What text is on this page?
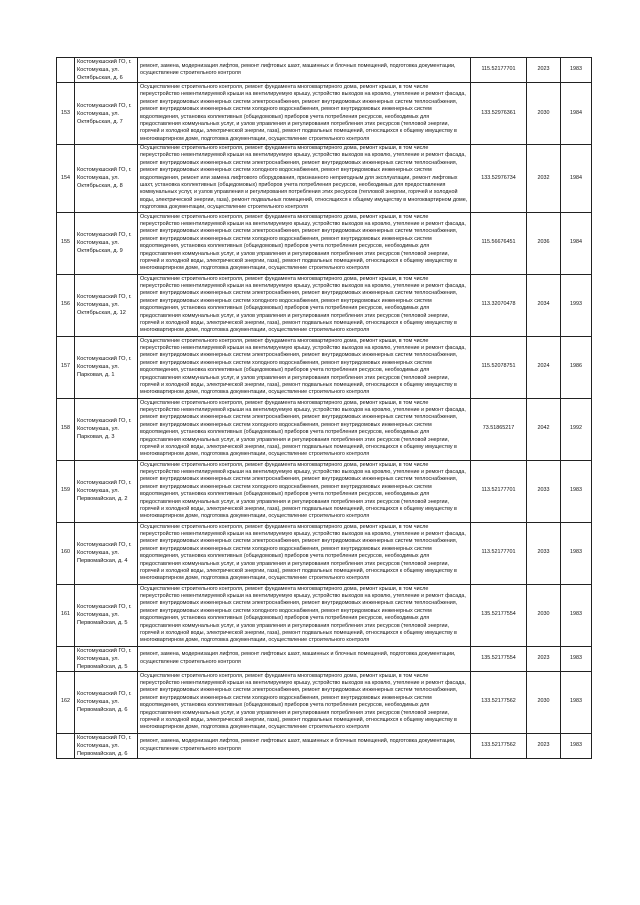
	Костомукшский ГО, г. Костомукша, ул. Октябрьская, д. 6	ремонт, замена, модернизация лифтов, ремонт лифтовых шахт, машинных и блочных помещений, подготовка документации, осуществление строительного контроля	115.52177701	2023	1983
153	Костомукшский ГО, г. Костомукша, ул. Октябрьская, д. 7	Осуществление строительного контроля, ремонт фундамента многоквартирного дома, ремонт крыши, в том числе переустройство невентилируемой крыши на вентилируемую крышу, устройство выходов на кровлю, утепление и ремонт фасада, ремонт внутридомовых инженерных систем электроснабжения, ремонт внутридомовых инженерных систем теплоснабжения, ремонт внутридомовых инженерных систем холодного водоснабжения, ремонт внутридомовых инженерных систем водоотведения, установка коллективных (общедомовых) приборов учета потребления ресурсов, необходимых для предоставления коммунальных услуг, и узлов управления и регулирования потребления этих ресурсов (тепловой энергии, горячей и холодной воды, электрической энергии, газа), ремонт подвальных помещений, относящихся к общему имуществу в многоквартирном доме, подготовка документации, осуществление строительного контроля	133.52976361	2030	1984
154	Костомукшский ГО, г. Костомукша, ул. Октябрьская, д. 8	Осуществление строительного контроля, ремонт фундамента многоквартирного дома, ремонт крыши, в том числе переустройство невентилируемой крыши на вентилируемую крышу, устройство выходов на кровлю, утепление и ремонт фасада, ремонт внутридомовых инженерных систем электроснабжения, ремонт внутридомовых инженерных систем теплоснабжения, ремонт внутридомовых инженерных систем холодного водоснабжения, ремонт внутридомовых инженерных систем водоотведения, ремонт или замена лифтового оборудования, признанного непригодным для эксплуатации, ремонт лифтовых шахт, установка коллективных (общедомовых) приборов учета потребления ресурсов, необходимых для предоставления коммунальных услуг, и узлов управления и регулирования потребления этих ресурсов (тепловой энергии, горячей и холодной воды, электрической энергии, газа), ремонт подвальных помещений, относящихся к общему имуществу в многоквартирном доме, подготовка документации, осуществление строительного контроля	133.52976734	2032	1984
155	Костомукшский ГО, г. Костомукша, ул. Октябрьская, д. 9	Осуществление строительного контроля, ремонт фундамента многоквартирного дома, ремонт крыши, в том числе переустройство невентилируемой крыши на вентилируемую крышу, устройство выходов на кровлю, утепление и ремонт фасада, ремонт внутридомовых инженерных систем электроснабжения, ремонт внутридомовых инженерных систем теплоснабжения, ремонт внутридомовых инженерных систем холодного водоснабжения, ремонт внутридомовых инженерных систем водоотведения, установка коллективных (общедомовых) приборов учета потребления ресурсов, необходимых для предоставления коммунальных услуг, и узлов управления и регулирования потребления этих ресурсов (тепловой энергии, горячей и холодной воды, электрической энергии, газа), ремонт подвальных помещений, относящихся к общему имуществу в многоквартирном доме, подготовка документации, осуществление строительного контроля	115.56676451	2036	1984
156	Костомукшский ГО, г. Костомукша, ул. Октябрьская, д. 12	Осуществление строительного контроля, ремонт фундамента многоквартирного дома, ремонт крыши, в том числе переустройство невентилируемой крыши на вентилируемую крышу, устройство выходов на кровлю, утепление и ремонт фасада, ремонт внутридомовых инженерных систем электроснабжения, ремонт внутридомовых инженерных систем теплоснабжения, ремонт внутридомовых инженерных систем холодного водоснабжения, ремонт внутридомовых инженерных систем водоотведения, установка коллективных (общедомовых) приборов учета потребления ресурсов, необходимых для предоставления коммунальных услуг, и узлов управления и регулирования потребления этих ресурсов (тепловой энергии, горячей и холодной воды, электрической энергии, газа), ремонт подвальных помещений, относящихся к общему имуществу в многоквартирном доме, подготовка документации, осуществление строительного контроля	113.32070478	2034	1993
157	Костомукшский ГО, г. Костомукша, ул. Парковая, д. 1	Осуществление строительного контроля, ремонт фундамента многоквартирного дома, ремонт крыши, в том числе переустройство невентилируемой крыши на вентилируемую крышу, устройство выходов на кровлю, утепление и ремонт фасада, ремонт внутридомовых инженерных систем электроснабжения, ремонт внутридомовых инженерных систем теплоснабжения, ремонт внутридомовых инженерных систем холодного водоснабжения, ремонт внутридомовых инженерных систем водоотведения, установка коллективных (общедомовых) приборов учета потребления ресурсов, необходимых для предоставления коммунальных услуг, и узлов управления и регулирования потребления этих ресурсов (тепловой энергии, горячей и холодной воды, электрической энергии, газа), ремонт подвальных помещений, относящихся к общему имуществу в многоквартирном доме, подготовка документации, осуществление строительного контроля	115.52078751	2024	1986
158	Костомукшский ГО, г. Костомукша, ул. Парковая, д. 3	Осуществление строительного контроля, ремонт фундамента многоквартирного дома, ремонт крыши, в том числе переустройство невентилируемой крыши на вентилируемую крышу, устройство выходов на кровлю, утепление и ремонт фасада, ремонт внутридомовых инженерных систем электроснабжения, ремонт внутридомовых инженерных систем теплоснабжения, ремонт внутридомовых инженерных систем холодного водоснабжения, ремонт внутридомовых инженерных систем водоотведения, установка коллективных (общедомовых) приборов учета потребления ресурсов, необходимых для предоставления коммунальных услуг, и узлов управления и регулирования потребления этих ресурсов (тепловой энергии, горячей и холодной воды, электрической энергии, газа), ремонт подвальных помещений, относящихся к общему имуществу в многоквартирном доме, подготовка документации, осуществление строительного контроля	73.51865217	2042	1992
159	Костомукшский ГО, г. Костомукша, ул. Первомайская, д. 2	Осуществление строительного контроля, ремонт фундамента многоквартирного дома, ремонт крыши, в том числе переустройство невентилируемой крыши на вентилируемую крышу, устройство выходов на кровлю, утепление и ремонт фасада, ремонт внутридомовых инженерных систем электроснабжения, ремонт внутридомовых инженерных систем теплоснабжения, ремонт внутридомовых инженерных систем холодного водоснабжения, ремонт внутридомовых инженерных систем водоотведения, установка коллективных (общедомовых) приборов учета потребления ресурсов, необходимых для предоставления коммунальных услуг, и узлов управления и регулирования потребления этих ресурсов (тепловой энергии, горячей и холодной воды, электрической энергии, газа), ремонт подвальных помещений, относящихся к общему имуществу в многоквартирном доме, подготовка документации, осуществление строительного контроля	113.52177701	2033	1983
160	Костомукшский ГО, г. Костомукша, ул. Первомайская, д. 4	Осуществление строительного контроля, ремонт фундамента многоквартирного дома, ремонт крыши, в том числе переустройство невентилируемой крыши на вентилируемую крышу, устройство выходов на кровлю, утепление и ремонт фасада, ремонт внутридомовых инженерных систем электроснабжения, ремонт внутридомовых инженерных систем теплоснабжения, ремонт внутридомовых инженерных систем холодного водоснабжения, ремонт внутридомовых инженерных систем водоотведения, установка коллективных (общедомовых) приборов учета потребления ресурсов, необходимых для предоставления коммунальных услуг, и узлов управления и регулирования потребления этих ресурсов (тепловой энергии, горячей и холодной воды, электрической энергии, газа), ремонт подвальных помещений, относящихся к общему имуществу в многоквартирном доме, подготовка документации, осуществление строительного контроля	113.52177701	2033	1983
161	Костомукшский ГО, г. Костомукша, ул. Первомайская, д. 5	Осуществление строительного контроля, ремонт фундамента многоквартирного дома, ремонт крыши, в том числе переустройство невентилируемой крыши на вентилируемую крышу, устройство выходов на кровлю, утепление и ремонт фасада, ремонт внутридомовых инженерных систем электроснабжения, ремонт внутридомовых инженерных систем теплоснабжения, ремонт внутридомовых инженерных систем холодного водоснабжения, ремонт внутридомовых инженерных систем водоотведения, установка коллективных (общедомовых) приборов учета потребления ресурсов, необходимых для предоставления коммунальных услуг, и узлов управления и регулирования потребления этих ресурсов (тепловой энергии, горячей и холодной воды, электрической энергии, газа), ремонт подвальных помещений, относящихся к общему имуществу в многоквартирном доме, подготовка документации, осуществление строительного контроля	135.52177554	2030	1983
	Костомукшский ГО, г. Костомукша, ул. Первомайская, д. 5	ремонт, замена, модернизация лифтов, ремонт лифтовых шахт, машинных и блочных помещений, подготовка документации, осуществление строительного контроля	135.52177554	2023	1983
162	Костомукшский ГО, г. Костомукша, ул. Первомайская, д. 6	Осуществление строительного контроля, ремонт фундамента многоквартирного дома, ремонт крыши, в том числе переустройство невентилируемой крыши на вентилируемую крышу, устройство выходов на кровлю, утепление и ремонт фасада, ремонт внутридомовых инженерных систем электроснабжения, ремонт внутридомовых инженерных систем теплоснабжения, ремонт внутридомовых инженерных систем холодного водоснабжения, ремонт внутридомовых инженерных систем водоотведения, установка коллективных (общедомовых) приборов учета потребления ресурсов, необходимых для предоставления коммунальных услуг, и узлов управления и регулирования потребления этих ресурсов (тепловой энергии, горячей и холодной воды, электрической энергии, газа), ремонт подвальных помещений, относящихся к общему имуществу в многоквартирном доме, подготовка документации, осуществление строительного контроля	133.52177562	2030	1983
	Костомукшский ГО, г. Костомукша, ул. Первомайская, д. 6	ремонт, замена, модернизация лифтов, ремонт лифтовых шахт, машинных и блочных помещений, подготовка документации, осуществление строительного контроля	133.52177562	2023	1983
